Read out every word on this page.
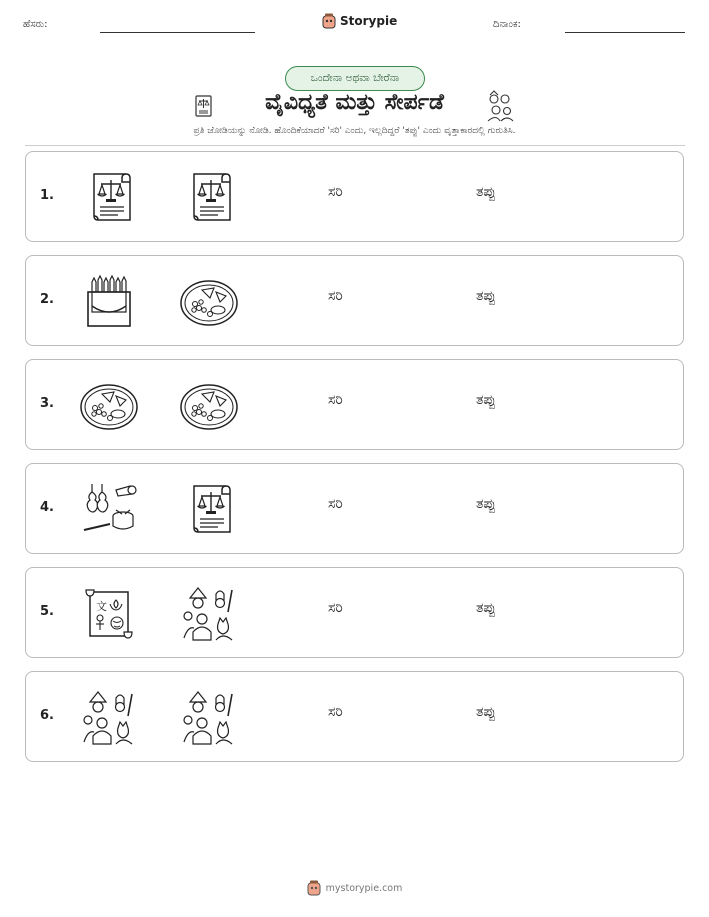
ಹೆಸರು:	Storypie	ದಿನಾಂಕ:
ಒಂದೇನಾ ಅಥವಾ ಬೇರೆನಾ
ವೈವಿಧ್ಯತೆ ಮತ್ತು ಸೇರ್ಪಡೆ
ಪ್ರತಿ ಜೋಡಿಯನ್ನು ನೋಡಿ. ಹೊಂದಿಕೆಯಾದರೆ 'ಸರಿ' ಎಂದು, ಇಲ್ಲದಿದ್ದರೆ 'ತಪ್ಪು' ಎಂದು ವೃತ್ತಾಕಾರದಲ್ಲಿ ಗುರುತಿಸಿ.
1.	ಸರಿ	ತಪ್ಪು
2.	ಸರಿ	ತಪ್ಪು
3.	ಸರಿ	ತಪ್ಪು
4.	ಸರಿ	ತಪ್ಪು
5.	文	ಸರಿ	ತಪ್ಪು
6.	ಸರಿ	ತಪ್ಪು
mystorypie.com
